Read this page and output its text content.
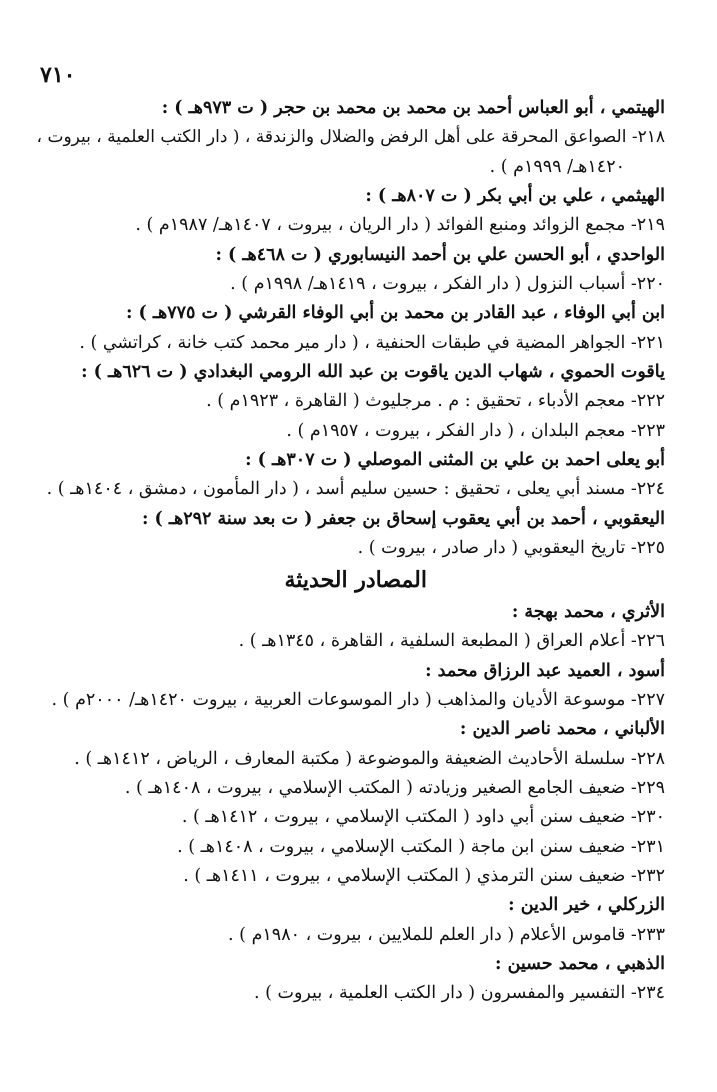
٧١٠
الهيتمي ، أبو العباس أحمد بن محمد بن محمد بن حجر ( ت ٩٧٣هـ ) :
٢١٨- الصواعق المحرقة على أهل الرفض والضلال والزندقة ، ( دار الكتب العلمية ، بيروت ،
١٤٢٠هـ/ ١٩٩٩م ) .
الهيثمي ، علي بن أبي بكر ( ت ٨٠٧هـ ) :
٢١٩- مجمع الزوائد ومنبع الفوائد ( دار الريان ، بيروت ، ١٤٠٧هـ/ ١٩٨٧م ) .
الواحدي ، أبو الحسن علي بن أحمد النيسابوري ( ت ٤٦٨هـ ) :
٢٢٠- أسباب النزول ( دار الفكر ، بيروت ، ١٤١٩هـ/ ١٩٩٨م ) .
ابن أبي الوفاء ، عبد القادر بن محمد بن أبي الوفاء القرشي ( ت ٧٧٥هـ ) :
٢٢١- الجواهر المضية في طبقات الحنفية ، ( دار مير محمد كتب خانة ، كراتشي ) .
ياقوت الحموي ، شهاب الدين ياقوت بن عبد الله الرومي البغدادي ( ت ٦٢٦هـ ) :
٢٢٢- معجم الأدباء ، تحقيق : م . مرجليوث ( القاهرة ، ١٩٢٣م ) .
٢٢٣- معجم البلدان ، ( دار الفكر ، بيروت ، ١٩٥٧م ) .
أبو يعلى احمد بن علي بن المثنى الموصلي ( ت ٣٠٧هـ ) :
٢٢٤- مسند أبي يعلى ، تحقيق : حسين سليم أسد ، ( دار المأمون ، دمشق ، ١٤٠٤هـ ) .
اليعقوبي ، أحمد بن أبي يعقوب إسحاق بن جعفر ( ت بعد سنة ٢٩٢هـ ) :
٢٢٥- تاريخ اليعقوبي ( دار صادر ، بيروت ) .
المصادر الحديثة
الأثري ، محمد بهجة :
٢٢٦- أعلام العراق ( المطبعة السلفية ، القاهرة ، ١٣٤٥هـ ) .
أسود ، العميد عبد الرزاق محمد :
٢٢٧- موسوعة الأديان والمذاهب ( دار الموسوعات العربية ، بيروت ١٤٢٠هـ/ ٢٠٠٠م ) .
الألباني ، محمد ناصر الدين :
٢٢٨- سلسلة الأحاديث الضعيفة والموضوعة ( مكتبة المعارف ، الرياض ، ١٤١٢هـ ) .
٢٢٩- ضعيف الجامع الصغير وزيادته ( المكتب الإسلامي ، بيروت ، ١٤٠٨هـ ) .
٢٣٠- ضعيف سنن أبي داود ( المكتب الإسلامي ، بيروت ، ١٤١٢هـ ) .
٢٣١- ضعيف سنن ابن ماجة ( المكتب الإسلامي ، بيروت ، ١٤٠٨هـ ) .
٢٣٢- ضعيف سنن الترمذي ( المكتب الإسلامي ، بيروت ، ١٤١١هـ ) .
الزركلي ، خير الدين :
٢٣٣- قاموس الأعلام ( دار العلم للملايين ، بيروت ، ١٩٨٠م ) .
الذهبي ، محمد حسين :
٢٣٤- التفسير والمفسرون ( دار الكتب العلمية ، بيروت ) .
